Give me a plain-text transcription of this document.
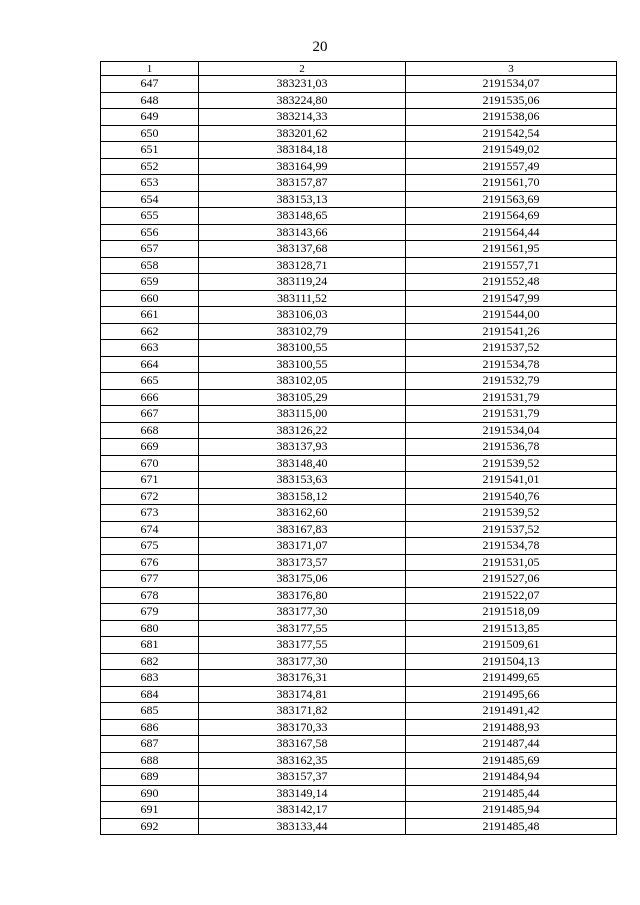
20
1	2	3
647	383231,03	2191534,07
648	383224,80	2191535,06
649	383214,33	2191538,06
650	383201,62	2191542,54
651	383184,18	2191549,02
652	383164,99	2191557,49
653	383157,87	2191561,70
654	383153,13	2191563,69
655	383148,65	2191564,69
656	383143,66	2191564,44
657	383137,68	2191561,95
658	383128,71	2191557,71
659	383119,24	2191552,48
660	383111,52	2191547,99
661	383106,03	2191544,00
662	383102,79	2191541,26
663	383100,55	2191537,52
664	383100,55	2191534,78
665	383102,05	2191532,79
666	383105,29	2191531,79
667	383115,00	2191531,79
668	383126,22	2191534,04
669	383137,93	2191536,78
670	383148,40	2191539,52
671	383153,63	2191541,01
672	383158,12	2191540,76
673	383162,60	2191539,52
674	383167,83	2191537,52
675	383171,07	2191534,78
676	383173,57	2191531,05
677	383175,06	2191527,06
678	383176,80	2191522,07
679	383177,30	2191518,09
680	383177,55	2191513,85
681	383177,55	2191509,61
682	383177,30	2191504,13
683	383176,31	2191499,65
684	383174,81	2191495,66
685	383171,82	2191491,42
686	383170,33	2191488,93
687	383167,58	2191487,44
688	383162,35	2191485,69
689	383157,37	2191484,94
690	383149,14	2191485,44
691	383142,17	2191485,94
692	383133,44	2191485,48
